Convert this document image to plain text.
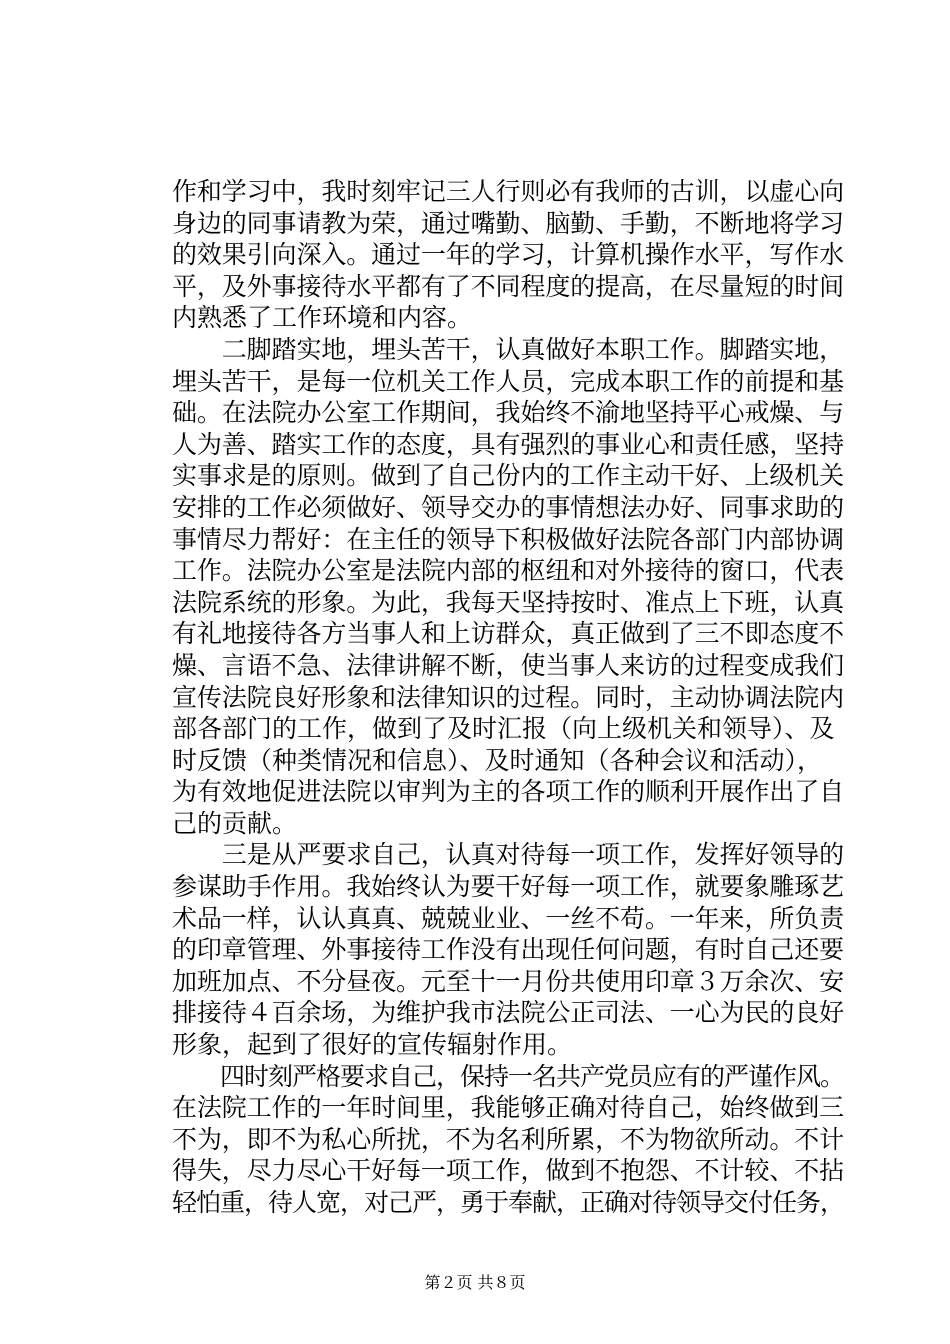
作和学习中，我时刻牢记三人行则必有我师的古训，以虚心向
身边的同事请教为荣，通过嘴勤、脑勤、手勤，不断地将学习
的效果引向深入。通过一年的学习，计算机操作水平，写作水
平，及外事接待水平都有了不同程度的提高，在尽量短的时间
内熟悉了工作环境和内容。
　　二脚踏实地，埋头苦干，认真做好本职工作。脚踏实地，
埋头苦干，是每一位机关工作人员，完成本职工作的前提和基
础。在法院办公室工作期间，我始终不渝地坚持平心戒燥、与
人为善、踏实工作的态度，具有强烈的事业心和责任感，坚持
实事求是的原则。做到了自己份内的工作主动干好、上级机关
安排的工作必须做好、领导交办的事情想法办好、同事求助的
事情尽力帮好：在主任的领导下积极做好法院各部门内部协调
工作。法院办公室是法院内部的枢纽和对外接待的窗口，代表
法院系统的形象。为此，我每天坚持按时、准点上下班，认真
有礼地接待各方当事人和上访群众，真正做到了三不即态度不
燥、言语不急、法律讲解不断，使当事人来访的过程变成我们
宣传法院良好形象和法律知识的过程。同时，主动协调法院内
部各部门的工作，做到了及时汇报（向上级机关和领导）、及
时反馈（种类情况和信息）、及时通知（各种会议和活动），
为有效地促进法院以审判为主的各项工作的顺利开展作出了自
己的贡献。
　　三是从严要求自己，认真对待每一项工作，发挥好领导的
参谋助手作用。我始终认为要干好每一项工作，就要象雕琢艺
术品一样，认认真真、兢兢业业、一丝不苟。一年来，所负责
的印章管理、外事接待工作没有出现任何问题，有时自己还要
加班加点、不分昼夜。元至十一月份共使用印章３万余次、安
排接待４百余场，为维护我市法院公正司法、一心为民的良好
形象，起到了很好的宣传辐射作用。
　　四时刻严格要求自己，保持一名共产党员应有的严谨作风。
在法院工作的一年时间里，我能够正确对待自己，始终做到三
不为，即不为私心所扰，不为名利所累，不为物欲所动。不计
得失，尽力尽心干好每一项工作，做到不抱怨、不计较、不拈
轻怕重，待人宽，对己严，勇于奉献，正确对待领导交付任务，
第２页 共８页
